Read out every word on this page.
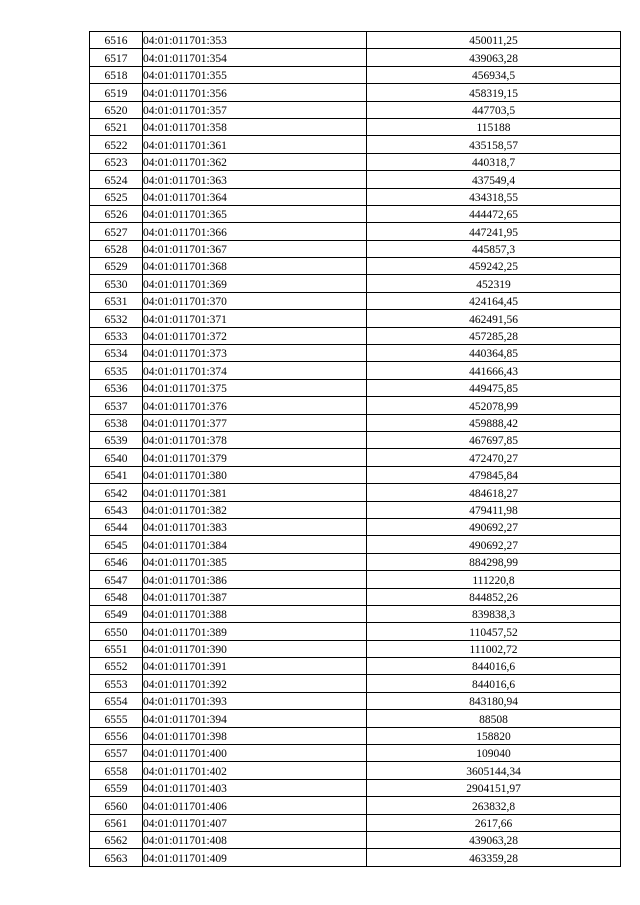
6516	04:01:011701:353	450011,25
6517	04:01:011701:354	439063,28
6518	04:01:011701:355	456934,5
6519	04:01:011701:356	458319,15
6520	04:01:011701:357	447703,5
6521	04:01:011701:358	115188
6522	04:01:011701:361	435158,57
6523	04:01:011701:362	440318,7
6524	04:01:011701:363	437549,4
6525	04:01:011701:364	434318,55
6526	04:01:011701:365	444472,65
6527	04:01:011701:366	447241,95
6528	04:01:011701:367	445857,3
6529	04:01:011701:368	459242,25
6530	04:01:011701:369	452319
6531	04:01:011701:370	424164,45
6532	04:01:011701:371	462491,56
6533	04:01:011701:372	457285,28
6534	04:01:011701:373	440364,85
6535	04:01:011701:374	441666,43
6536	04:01:011701:375	449475,85
6537	04:01:011701:376	452078,99
6538	04:01:011701:377	459888,42
6539	04:01:011701:378	467697,85
6540	04:01:011701:379	472470,27
6541	04:01:011701:380	479845,84
6542	04:01:011701:381	484618,27
6543	04:01:011701:382	479411,98
6544	04:01:011701:383	490692,27
6545	04:01:011701:384	490692,27
6546	04:01:011701:385	884298,99
6547	04:01:011701:386	111220,8
6548	04:01:011701:387	844852,26
6549	04:01:011701:388	839838,3
6550	04:01:011701:389	110457,52
6551	04:01:011701:390	111002,72
6552	04:01:011701:391	844016,6
6553	04:01:011701:392	844016,6
6554	04:01:011701:393	843180,94
6555	04:01:011701:394	88508
6556	04:01:011701:398	158820
6557	04:01:011701:400	109040
6558	04:01:011701:402	3605144,34
6559	04:01:011701:403	2904151,97
6560	04:01:011701:406	263832,8
6561	04:01:011701:407	2617,66
6562	04:01:011701:408	439063,28
6563	04:01:011701:409	463359,28
